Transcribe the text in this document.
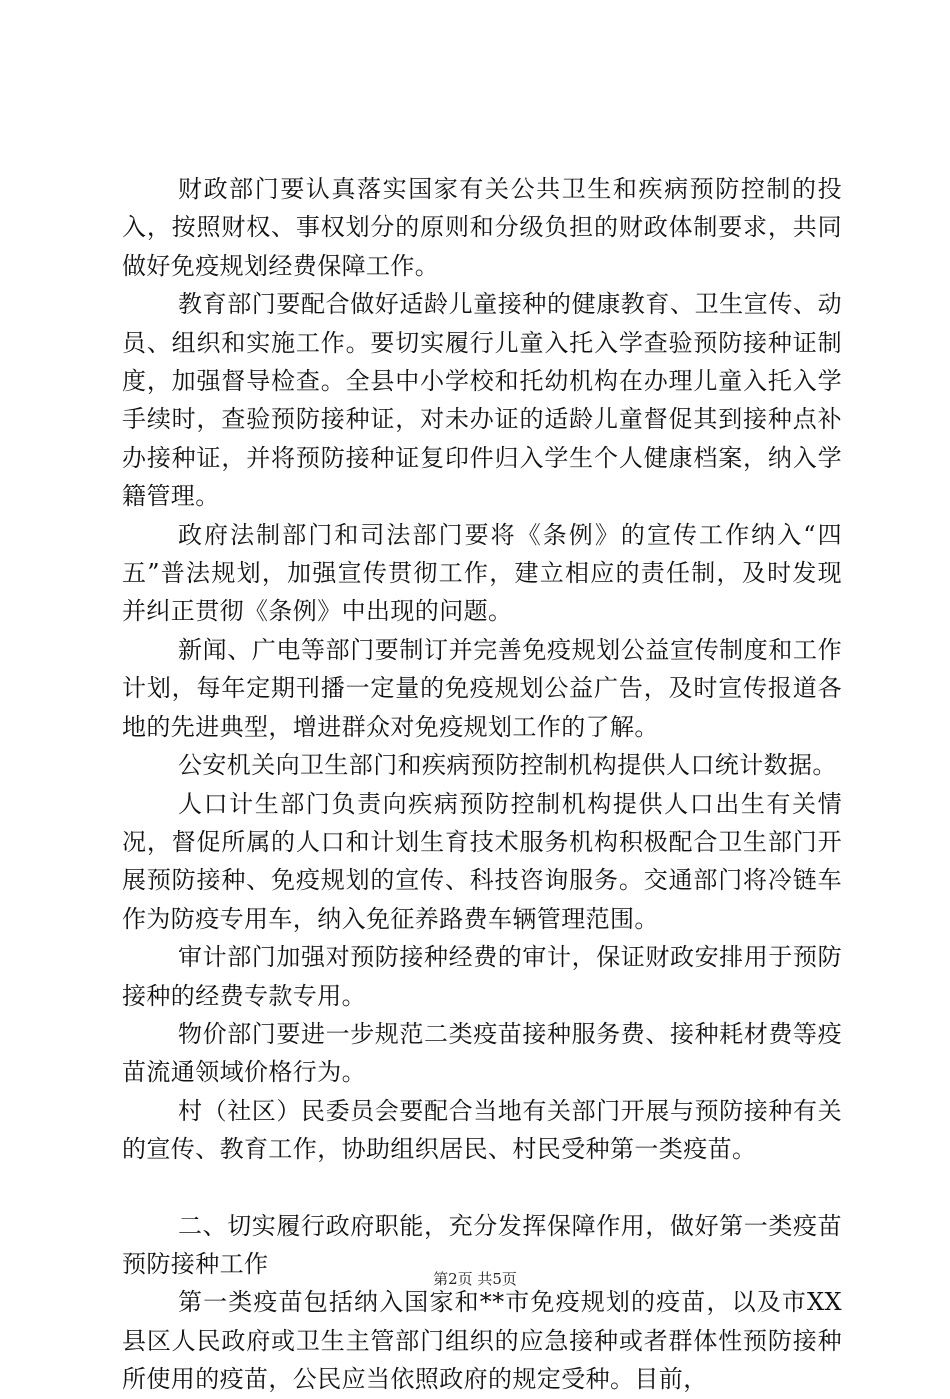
财政部门要认真落实国家有关公共卫生和疾病预防控制的投入，按照财权、事权划分的原则和分级负担的财政体制要求，共同做好免疫规划经费保障工作。

教育部门要配合做好适龄儿童接种的健康教育、卫生宣传、动员、组织和实施工作。要切实履行儿童入托入学查验预防接种证制度，加强督导检查。全县中小学校和托幼机构在办理儿童入托入学手续时，查验预防接种证，对未办证的适龄儿童督促其到接种点补办接种证，并将预防接种证复印件归入学生个人健康档案，纳入学籍管理。

政府法制部门和司法部门要将《条例》的宣传工作纳入“四五”普法规划，加强宣传贯彻工作，建立相应的责任制，及时发现并纠正贯彻《条例》中出现的问题。

新闻、广电等部门要制订并完善免疫规划公益宣传制度和工作计划，每年定期刊播一定量的免疫规划公益广告，及时宣传报道各地的先进典型，增进群众对免疫规划工作的了解。

公安机关向卫生部门和疾病预防控制机构提供人口统计数据。

人口计生部门负责向疾病预防控制机构提供人口出生有关情况，督促所属的人口和计划生育技术服务机构积极配合卫生部门开展预防接种、免疫规划的宣传、科技咨询服务。交通部门将冷链车作为防疫专用车，纳入免征养路费车辆管理范围。

审计部门加强对预防接种经费的审计，保证财政安排用于预防接种的经费专款专用。

物价部门要进一步规范二类疫苗接种服务费、接种耗材费等疫苗流通领域价格行为。

村（社区）民委员会要配合当地有关部门开展与预防接种有关的宣传、教育工作，协助组织居民、村民受种第一类疫苗。

二、切实履行政府职能，充分发挥保障作用，做好第一类疫苗预防接种工作

第一类疫苗包括纳入国家和**市免疫规划的疫苗，以及市XX县区人民政府或卫生主管部门组织的应急接种或者群体性预防接种所使用的疫苗，公民应当依照政府的规定受种。目前，

第2页 共5页
